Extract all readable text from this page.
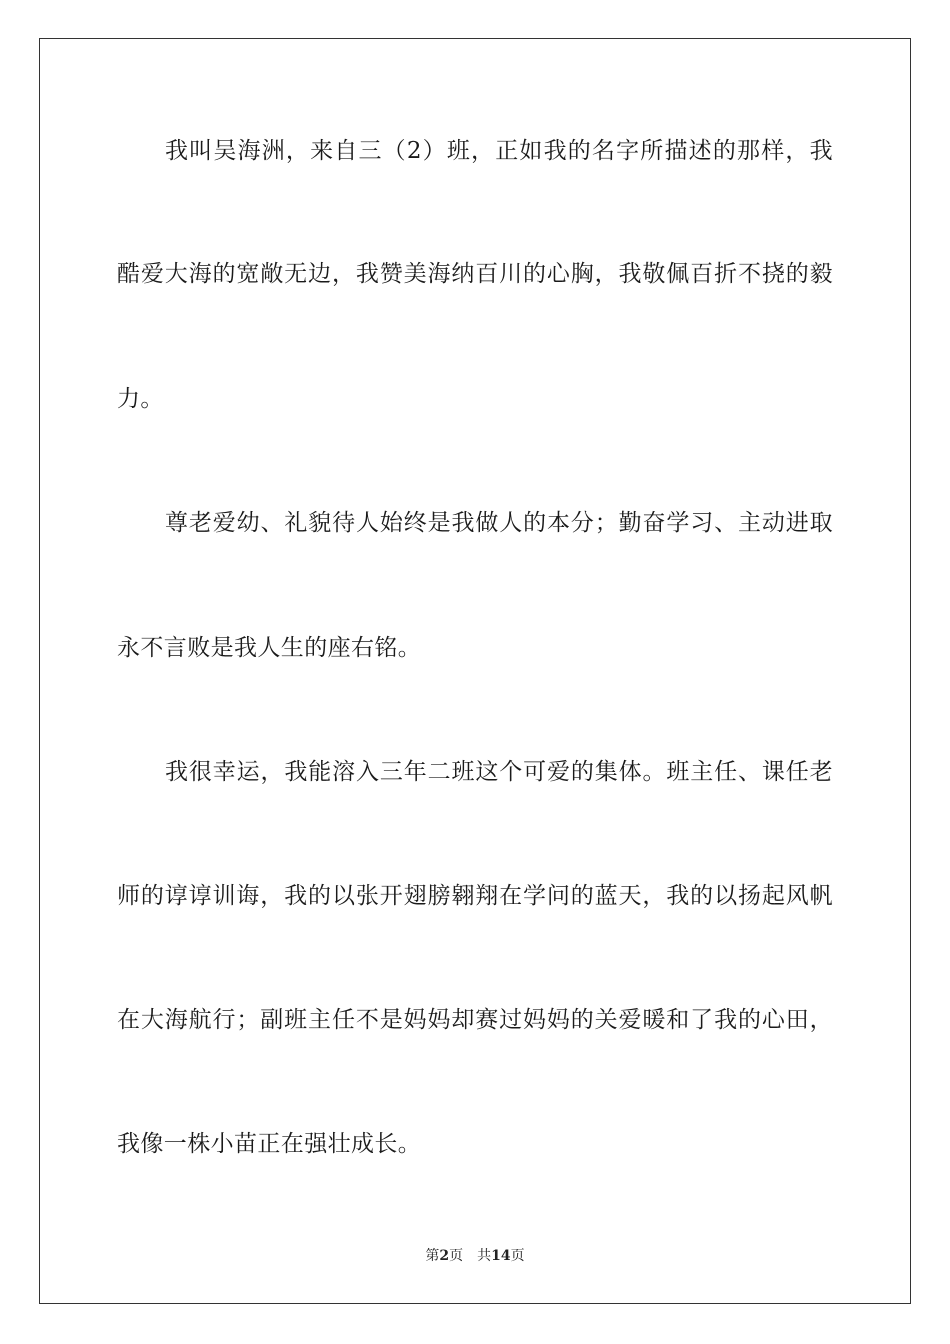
我叫吴海洲，来自三（2）班，正如我的名字所描述的那样，我
酷爱大海的宽敞无边，我赞美海纳百川的心胸，我敬佩百折不挠的毅
力。
尊老爱幼、礼貌待人始终是我做人的本分；勤奋学习、主动进取
永不言败是我人生的座右铭。
我很幸运，我能溶入三年二班这个可爱的集体。班主任、课任老
师的谆谆训诲，我的以张开翅膀翱翔在学问的蓝天，我的以扬起风帆
在大海航行；副班主任不是妈妈却赛过妈妈的关爱暖和了我的心田，
我像一株小苗正在强壮成长。
第2页 共14页
